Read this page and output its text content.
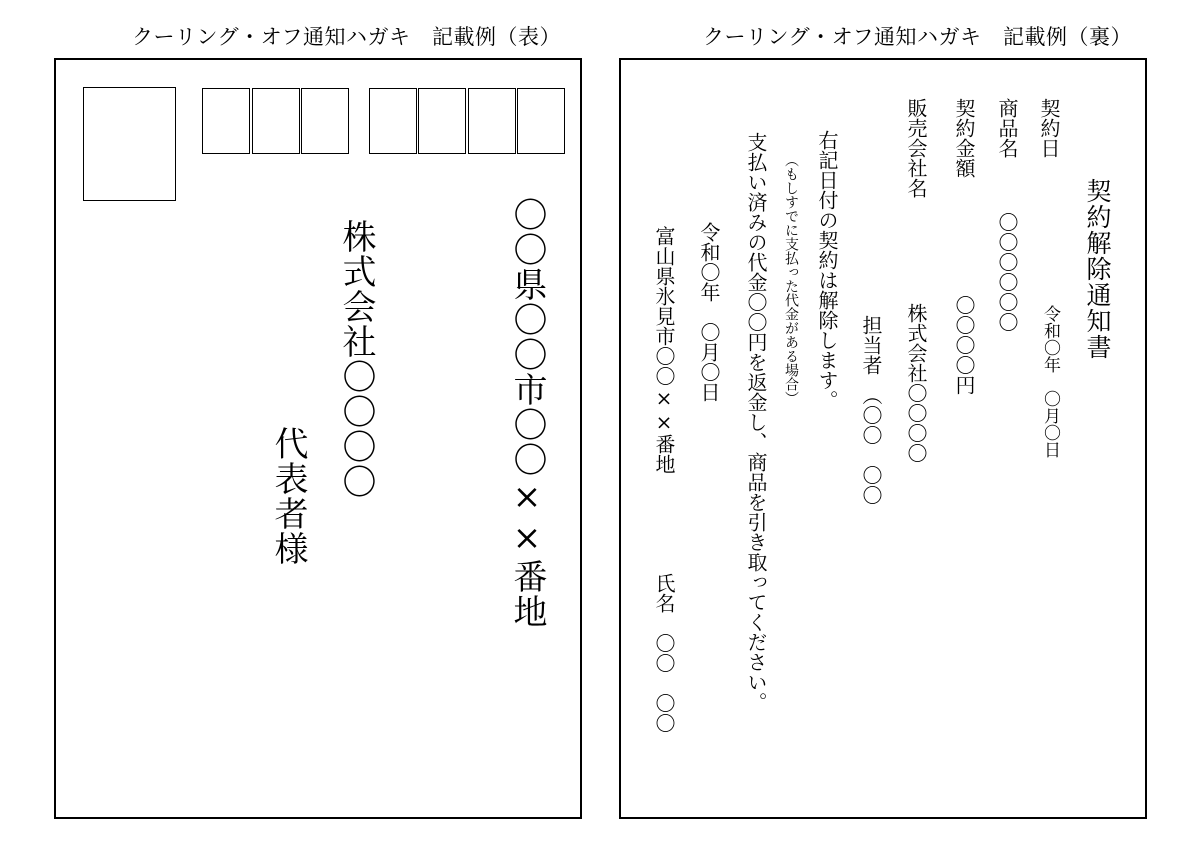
クーリング・オフ通知ハガキ　記載例（表）	クーリング・オフ通知ハガキ　記載例（裏）
〇〇県〇〇市〇〇××番地
株式会社〇〇〇〇
代表者様
契約解除通知書
契約日
令和〇年　〇月〇日
商品名
〇〇〇〇〇〇
契約金額
〇〇〇〇円
販売会社名
株式会社〇〇〇〇
担当者　（〇〇　〇〇
右記日付の契約は解除します。
（もしすでに支払った代金がある場合）
支払い済みの代金〇〇円を返金し、商品を引き取ってください。
令和〇年　〇月〇日
富山県氷見市〇〇××番地
氏名　〇〇　〇〇
